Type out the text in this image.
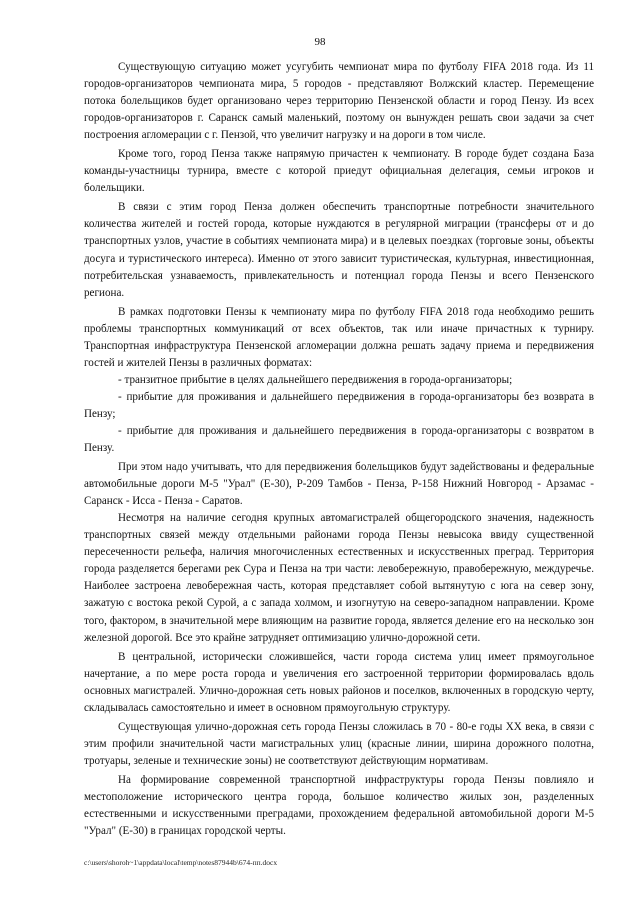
98

Существующую ситуацию может усугубить чемпионат мира по футболу FIFA 2018 года. Из 11 городов-организаторов чемпионата мира, 5 городов - представляют Волжский кластер. Перемещение потока болельщиков будет организовано через территорию Пензенской области и город Пензу. Из всех городов-организаторов г. Саранск самый маленький, поэтому он вынужден решать свои задачи за счет построения агломерации с г. Пензой, что увеличит нагрузку и на дороги в том числе.

Кроме того, город Пенза также напрямую причастен к чемпионату. В городе будет создана База команды-участницы турнира, вместе с которой приедут официальная делегация, семьи игроков и болельщики.

В связи с этим город Пенза должен обеспечить транспортные потребности значительного количества жителей и гостей города, которые нуждаются в регулярной миграции (трансферы от и до транспортных узлов, участие в событиях чемпионата мира) и в целевых поездках (торговые зоны, объекты досуга и туристического интереса). Именно от этого зависит туристическая, культурная, инвестиционная, потребительская узнаваемость, привлекательность и потенциал города Пензы и всего Пензенского региона.

В рамках подготовки Пензы к чемпионату мира по футболу FIFA 2018 года необходимо решить проблемы транспортных коммуникаций от всех объектов, так или иначе причастных к турниру. Транспортная инфраструктура Пензенской агломерации должна решать задачу приема и передвижения гостей и жителей Пензы в различных форматах:

- транзитное прибытие в целях дальнейшего передвижения в города-организаторы;

- прибытие для проживания и дальнейшего передвижения в города-организаторы без возврата в Пензу;

- прибытие для проживания и дальнейшего передвижения в города-организаторы с возвратом в Пензу.

При этом надо учитывать, что для передвижения болельщиков будут задействованы и федеральные автомобильные дороги М-5 "Урал" (Е-30), Р-209 Тамбов - Пенза, Р-158 Нижний Новгород - Арзамас - Саранск - Исса - Пенза - Саратов.

Несмотря на наличие сегодня крупных автомагистралей общегородского значения, надежность транспортных связей между отдельными районами города Пензы невысока ввиду существенной пересеченности рельефа, наличия многочисленных естественных и искусственных преград. Территория города разделяется берегами рек Сура и Пенза на три части: левобережную, правобережную, междуречье. Наиболее застроена левобережная часть, которая представляет собой вытянутую с юга на север зону, зажатую с востока рекой Сурой, а с запада холмом, и изогнутую на северо-западном направлении. Кроме того, фактором, в значительной мере влияющим на развитие города, является деление его на несколько зон железной дорогой. Все это крайне затрудняет оптимизацию улично-дорожной сети.

В центральной, исторически сложившейся, части города система улиц имеет прямоугольное начертание, а по мере роста города и увеличения его застроенной территории формировалась вдоль основных магистралей. Улично-дорожная сеть новых районов и поселков, включенных в городскую черту, складывалась самостоятельно и имеет в основном прямоугольную структуру.

Существующая улично-дорожная сеть города Пензы сложилась в 70 - 80-е годы XX века, в связи с этим профили значительной части магистральных улиц (красные линии, ширина дорожного полотна, тротуары, зеленые и технические зоны) не соответствуют действующим нормативам.

На формирование современной транспортной инфраструктуры города Пензы повлияло и местоположение исторического центра города, большое количество жилых зон, разделенных естественными и искусственными преградами, прохождением федеральной автомобильной дороги М-5 "Урал" (Е-30) в границах городской черты.

c:\users\shoroh~1\appdata\local\temp\notes87944b\674-пп.docx
